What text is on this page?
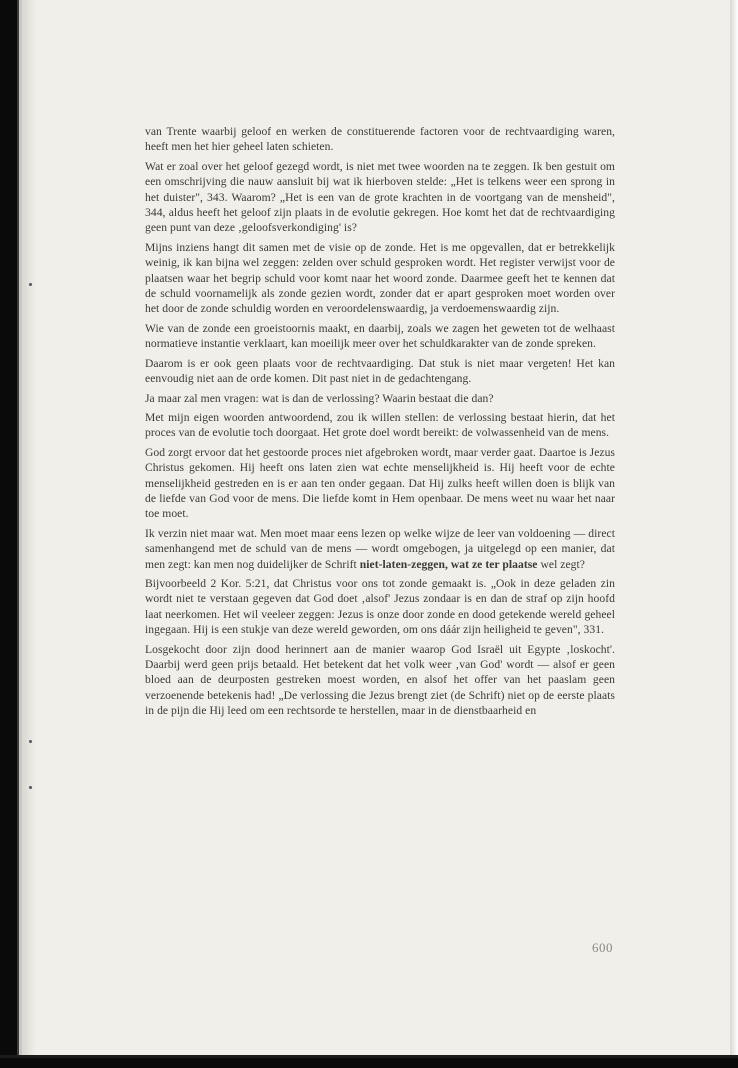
van Trente waarbij geloof en werken de constituerende factoren voor de rechtvaardiging waren, heeft men het hier geheel laten schieten.

Wat er zoal over het geloof gezegd wordt, is niet met twee woorden na te zeggen. Ik ben gestuit om een omschrijving die nauw aansluit bij wat ik hierboven stelde: „Het is telkens weer een sprong in het duister", 343. Waarom? „Het is een van de grote krachten in de voortgang van de mensheid", 344, aldus heeft het geloof zijn plaats in de evolutie gekregen. Hoe komt het dat de rechtvaardiging geen punt van deze ‚geloofsverkondiging' is?

Mijns inziens hangt dit samen met de visie op de zonde. Het is me opgevallen, dat er betrekkelijk weinig, ik kan bijna wel zeggen: zelden over schuld gesproken wordt. Het register verwijst voor de plaatsen waar het begrip schuld voor komt naar het woord zonde. Daarmee geeft het te kennen dat de schuld voornamelijk als zonde gezien wordt, zonder dat er apart gesproken moet worden over het door de zonde schuldig worden en veroordelenswaardig, ja verdoemenswaardig zijn.

Wie van de zonde een groeistoornis maakt, en daarbij, zoals we zagen het geweten tot de welhaast normatieve instantie verklaart, kan moeilijk meer over het schuldkarakter van de zonde spreken.

Daarom is er ook geen plaats voor de rechtvaardiging. Dat stuk is niet maar vergeten! Het kan eenvoudig niet aan de orde komen. Dit past niet in de gedachtengang.

Ja maar zal men vragen: wat is dan de verlossing? Waarin bestaat die dan?

Met mijn eigen woorden antwoordend, zou ik willen stellen: de verlossing bestaat hierin, dat het proces van de evolutie toch doorgaat. Het grote doel wordt bereikt: de volwassenheid van de mens.

God zorgt ervoor dat het gestoorde proces niet afgebroken wordt, maar verder gaat. Daartoe is Jezus Christus gekomen. Hij heeft ons laten zien wat echte menselijkheid is. Hij heeft voor de echte menselijkheid gestreden en is er aan ten onder gegaan. Dat Hij zulks heeft willen doen is blijk van de liefde van God voor de mens. Die liefde komt in Hem openbaar. De mens weet nu waar het naar toe moet.

Ik verzin niet maar wat. Men moet maar eens lezen op welke wijze de leer van voldoening — direct samenhangend met de schuld van de mens — wordt omgebogen, ja uitgelegd op een manier, dat men zegt: kan men nog duidelijker de Schrift niet-laten-zeggen, wat ze ter plaatse wel zegt?

Bijvoorbeeld 2 Kor. 5:21, dat Christus voor ons tot zonde gemaakt is. „Ook in deze geladen zin wordt niet te verstaan gegeven dat God doet ‚alsof' Jezus zondaar is en dan de straf op zijn hoofd laat neerkomen. Het wil veeleer zeggen: Jezus is onze door zonde en dood getekende wereld geheel ingegaan. Hij is een stukje van deze wereld geworden, om ons dáár zijn heiligheid te geven", 331.

Losgekocht door zijn dood herinnert aan de manier waarop God Israël uit Egypte ‚loskocht'. Daarbij werd geen prijs betaald. Het betekent dat het volk weer ‚van God' wordt — alsof er geen bloed aan de deurposten gestreken moest worden, en alsof het offer van het paaslam geen verzoenende betekenis had! „De verlossing die Jezus brengt ziet (de Schrift) niet op de eerste plaats in de pijn die Hij leed om een rechtsorde te herstellen, maar in de dienstbaarheid en

600
